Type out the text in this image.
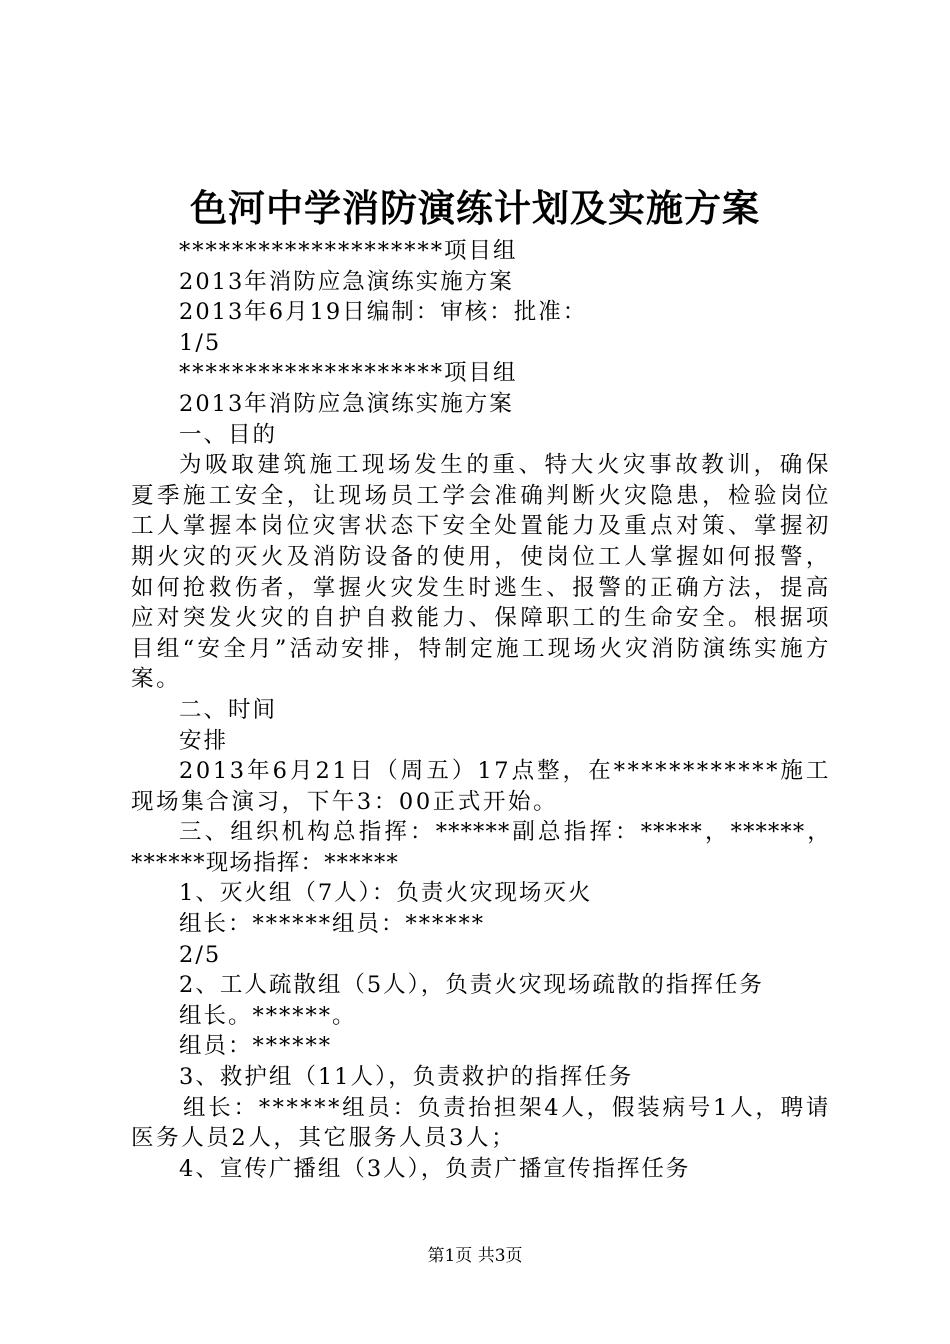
色河中学消防演练计划及实施方案
********************项目组
2013年消防应急演练实施方案
2013年6月19日编制：审核：批准：
1/5
********************项目组
2013年消防应急演练实施方案
一、目的
为吸取建筑施工现场发生的重、特大火灾事故教训，确保夏季施工安全，让现场员工学会准确判断火灾隐患，检验岗位工人掌握本岗位灾害状态下安全处置能力及重点对策、掌握初期火灾的灭火及消防设备的使用，使岗位工人掌握如何报警，如何抢救伤者，掌握火灾发生时逃生、报警的正确方法，提高应对突发火灾的自护自救能力、保障职工的生命安全。根据项目组“安全月”活动安排，特制定施工现场火灾消防演练实施方案。
二、时间
安排
2013年6月21日（周五）17点整，在************施工现场集合演习，下午3：00正式开始。
三、组织机构总指挥：******副总指挥：*****，******，******现场指挥：******
1、灭火组（7人）：负责火灾现场灭火
组长：******组员：******
2/5
2、工人疏散组（5人），负责火灾现场疏散的指挥任务
组长。******。
组员：******
3、救护组（11人），负责救护的指挥任务
组长：******组员：负责抬担架4人，假装病号1人，聘请医务人员2人，其它服务人员3人；
4、宣传广播组（3人），负责广播宣传指挥任务
第1页 共3页
